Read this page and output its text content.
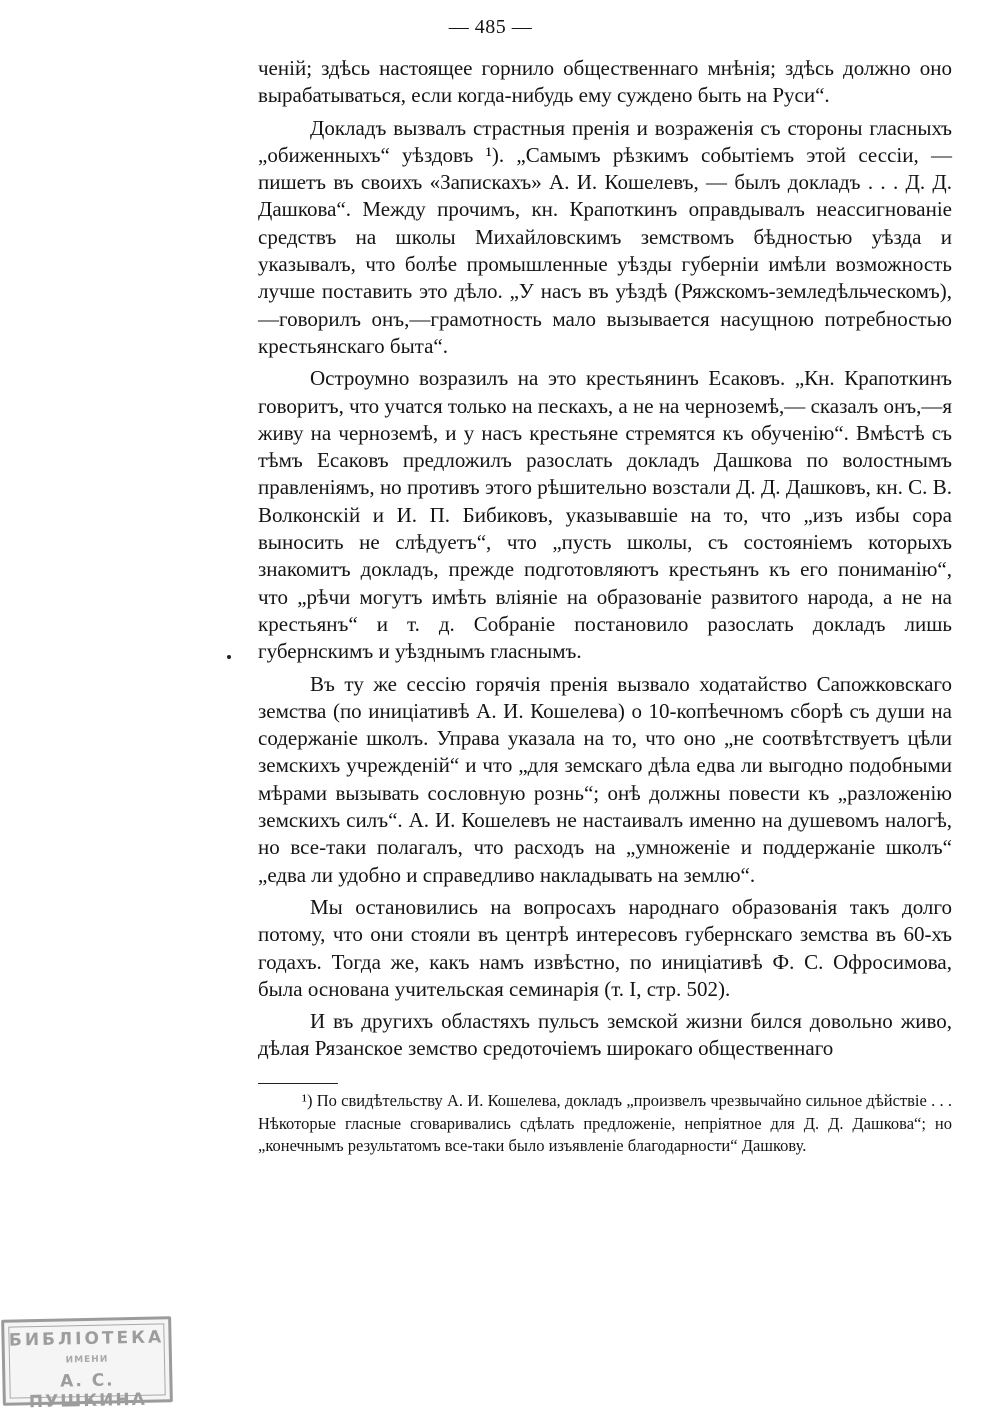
— 485 —

ченій; здѣсь настоящее горнило общественнаго мнѣнія; здѣсь должно оно вырабатываться, если когда-нибудь ему суждено быть на Руси“.

Докладъ вызвалъ страстныя пренія и возраженія съ стороны гласныхъ „обиженныхъ“ уѣздовъ ¹). „Самымъ рѣзкимъ событіемъ этой сессіи, — пишетъ въ своихъ «Запискахъ» А. И. Кошелевъ, — былъ докладъ . . . Д. Д. Дашкова“. Между прочимъ, кн. Крапоткинъ оправдывалъ неассигнованіе средствъ на школы Михайловскимъ земствомъ бѣдностью уѣзда и указывалъ, что болѣе промышленные уѣзды губерніи имѣли возможность лучше поставить это дѣло. „У насъ въ уѣздѣ (Ряжскомъ-земледѣльческомъ),—говорилъ онъ,—грамотность мало вызывается насущною потребностью крестьянскаго быта“.

Остроумно возразилъ на это крестьянинъ Есаковъ. „Кн. Крапоткинъ говоритъ, что учатся только на пескахъ, а не на черноземѣ,— сказалъ онъ,—я живу на черноземѣ, и у насъ крестьяне стремятся къ обученію“. Вмѣстѣ съ тѣмъ Есаковъ предложилъ разослать докладъ Дашкова по волостнымъ правленіямъ, но противъ этого рѣшительно возстали Д. Д. Дашковъ, кн. С. В. Волконскій и И. П. Бибиковъ, указывавшіе на то, что „изъ избы сора выносить не слѣдуетъ“, что „пусть школы, съ состояніемъ которыхъ знакомитъ докладъ, прежде подготовляютъ крестьянъ къ его пониманію“, что „рѣчи могутъ имѣть вліяніе на образованіе развитого народа, а не на крестьянъ“ и т. д. Собраніе постановило разослать докладъ лишь губернскимъ и уѣзднымъ гласнымъ.

Въ ту же сессію горячія пренія вызвало ходатайство Сапожковскаго земства (по иниціативѣ А. И. Кошелева) о 10-копѣечномъ сборѣ съ души на содержаніе школъ. Управа указала на то, что оно „не соотвѣтствуетъ цѣли земскихъ учрежденій“ и что „для земскаго дѣла едва ли выгодно подобными мѣрами вызывать сословную рознь“; онѣ должны повести къ „разложенію земскихъ силъ“. А. И. Кошелевъ не настаивалъ именно на душевомъ налогѣ, но все-таки полагалъ, что расходъ на „умноженіе и поддержаніе школъ“ „едва ли удобно и справедливо накладывать на землю“.

Мы остановились на вопросахъ народнаго образованія такъ долго потому, что они стояли въ центрѣ интересовъ губернскаго земства въ 60-хъ годахъ. Тогда же, какъ намъ извѣстно, по иниціативѣ Ф. С. Офросимова, была основана учительская семинарія (т. I, стр. 502).

И въ другихъ областяхъ пульсъ земской жизни бился довольно живо, дѣлая Рязанское земство средоточіемъ широкаго общественнаго

¹) По свидѣтельству А. И. Кошелева, докладъ „произвелъ чрезвычайно сильное дѣйствіе . . . Нѣкоторые гласные сговаривались сдѣлать предложеніе, непріятное для Д. Д. Дашкова“; но „конечнымъ результатомъ все-таки было изъявленіе благодарности“ Дашкову.

БИБЛIОТЕКА
ИМЕНИ
А. С. ПУШКИНА
